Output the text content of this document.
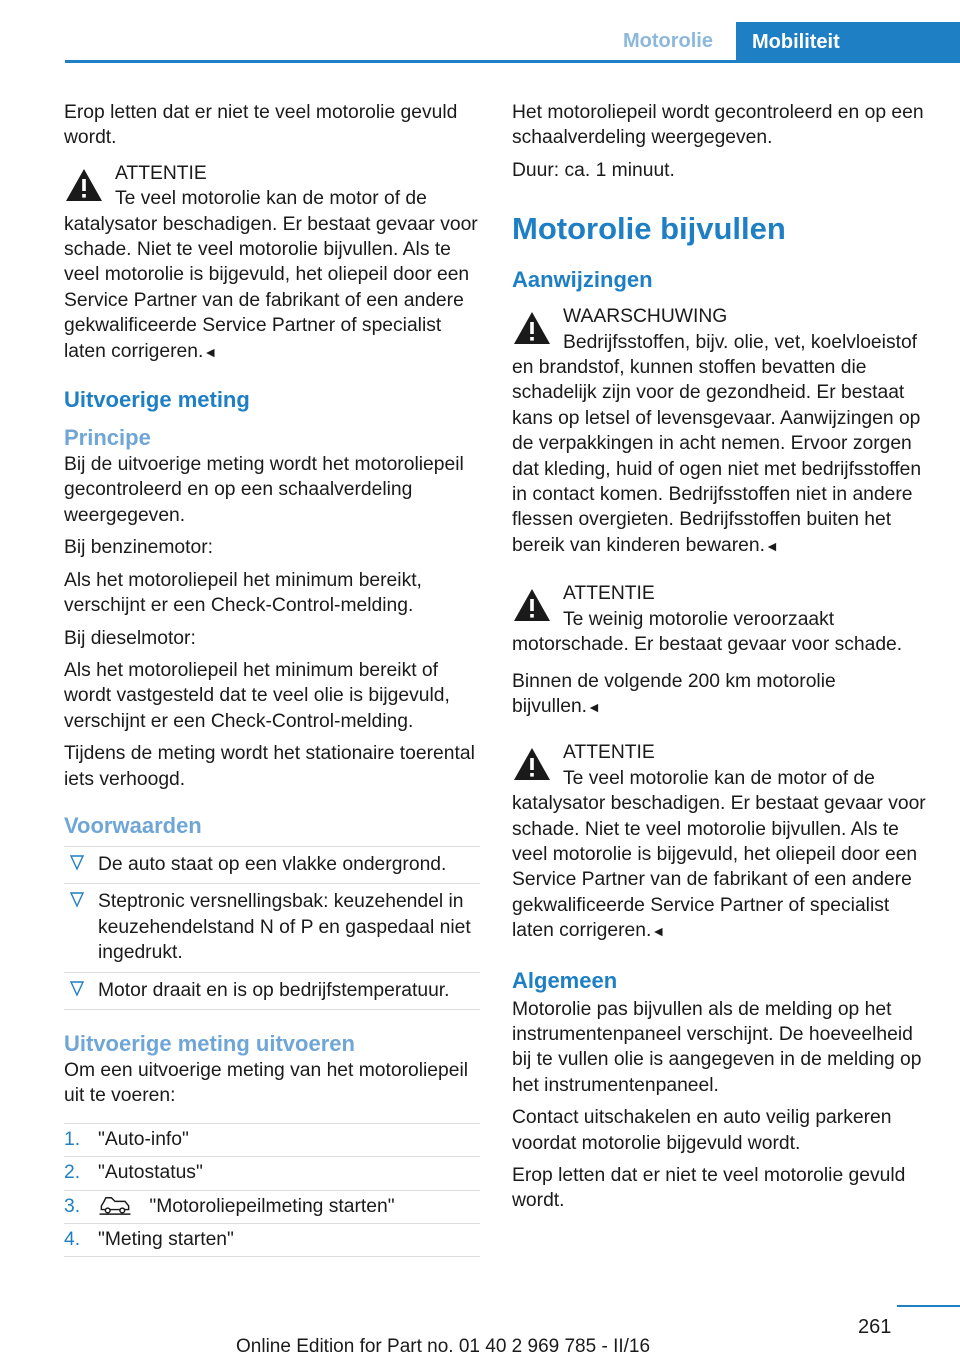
Motorolie	Mobiliteit

Erop letten dat er niet te veel motorolie gevuld wordt.

ATTENTIE
Te veel motorolie kan de motor of de katalysator beschadigen. Er bestaat gevaar voor schade. Niet te veel motorolie bijvullen. Als te veel motorolie is bijgevuld, het oliepeil door een Service Partner van de fabrikant of een andere gekwalificeerde Service Partner of specialist laten corrigeren.◄
Uitvoerige meting
Principe

Bij de uitvoerige meting wordt het motoroliepeil gecontroleerd en op een schaalverdeling weergegeven.

Bij benzinemotor:

Als het motoroliepeil het minimum bereikt, verschijnt er een Check-Control-melding.

Bij dieselmotor:

Als het motoroliepeil het minimum bereikt of wordt vastgesteld dat te veel olie is bijgevuld, verschijnt er een Check-Control-melding.

Tijdens de meting wordt het stationaire toerental iets verhoogd.

Voorwaarden
De auto staat op een vlakke ondergrond.
Steptronic versnellingsbak: keuzehendel in keuzehendelstand N of P en gaspedaal niet ingedrukt.
Motor draait en is op bedrijfstemperatuur.
Uitvoerige meting uitvoeren

Om een uitvoerige meting van het motoroliepeil uit te voeren:

1. "Auto-info"
2. "Autostatus"
3.	"Motoroliepeilmeting starten"
4. "Meting starten"

Het motoroliepeil wordt gecontroleerd en op een schaalverdeling weergegeven.

Duur: ca. 1 minuut.

Motorolie bijvullen
Aanwijzingen
WAARSCHUWING
Bedrijfsstoffen, bijv. olie, vet, koelvloeistof en brandstof, kunnen stoffen bevatten die schadelijk zijn voor de gezondheid. Er bestaat kans op letsel of levensgevaar. Aanwijzingen op de verpakkingen in acht nemen. Ervoor zorgen dat kleding, huid of ogen niet met bedrijfsstoffen in contact komen. Bedrijfsstoffen niet in andere flessen overgieten. Bedrijfsstoffen buiten het bereik van kinderen bewaren.◄
ATTENTIE
Te weinig motorolie veroorzaakt motorschade. Er bestaat gevaar voor schade.

Binnen de volgende 200 km motorolie bijvullen.◄

ATTENTIE
Te veel motorolie kan de motor of de katalysator beschadigen. Er bestaat gevaar voor schade. Niet te veel motorolie bijvullen. Als te veel motorolie is bijgevuld, het oliepeil door een Service Partner van de fabrikant of een andere gekwalificeerde Service Partner of specialist laten corrigeren.◄
Algemeen

Motorolie pas bijvullen als de melding op het instrumentenpaneel verschijnt. De hoeveelheid bij te vullen olie is aangegeven in de melding op het instrumentenpaneel.

Contact uitschakelen en auto veilig parkeren voordat motorolie bijgevuld wordt.

Erop letten dat er niet te veel motorolie gevuld wordt.

261
Online Edition for Part no. 01 40 2 969 785 - II/16
